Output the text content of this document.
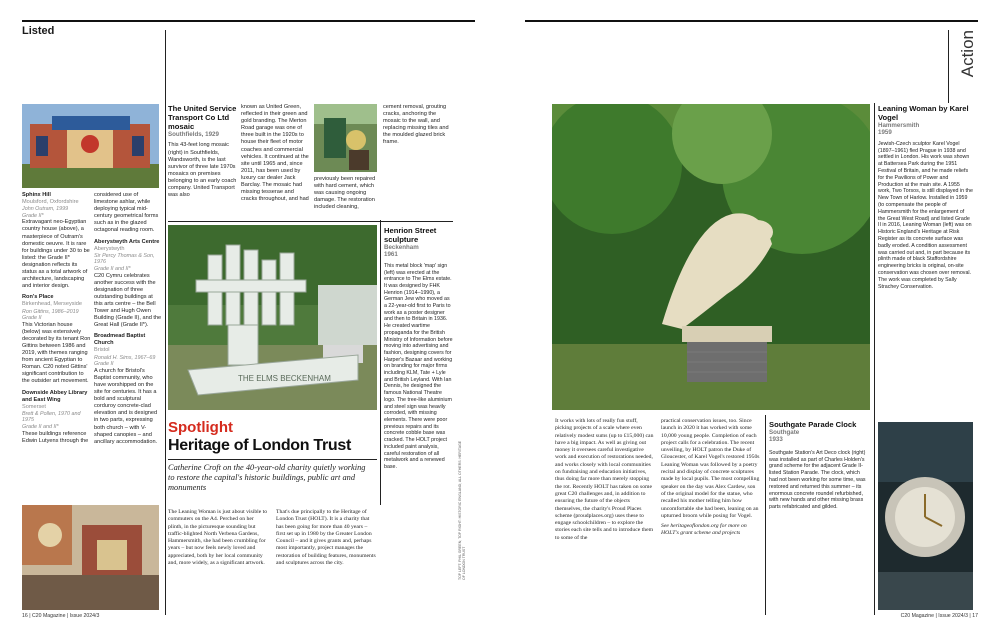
Listed	Action
Sphinx Hill
Moulsford, Oxfordshire
John Outram, 1999
Grade II*
Extravagant neo-Egyptian country house (above), a masterpiece of Outram's domestic oeuvre. It is rare for buildings under 30 to be listed: the Grade II* designation reflects its status as a total artwork of architecture, landscaping and interior design.
Ron's Place
Birkenhead, Merseyside
Ron Gittins, 1986–2019
Grade II
This Victorian house (below) was extensively decorated by its tenant Ron Gittins between 1986 and 2019, with themes ranging from ancient Egyptian to Roman. C20 noted Gittins' significant contribution to the outsider art movement.
Downside Abbey Library and East Wing
Somerset
Brett & Pollen, 1970 and 1975
Grade II and II*
These buildings reference Edwin Lutyens through the
considered use of limestone ashlar, while deploying typical mid-century geometrical forms such as in the glazed octagonal reading room.
Aberystwyth Arts Centre
Aberystwyth
Sir Percy Thomas & Son, 1976
Grade II and II*
C20 Cymru celebrates another success with the designation of three outstanding buildings at this arts centre – the Bell Tower and Hugh Owen Building (Grade II), and the Great Hall (Grade II*).
Broadmead Baptist Church
Bristol
Ronald H. Sims, 1967–69
Grade II
A church for Bristol's Baptist community, who have worshipped on the site for centuries. It has a bold and sculptural corduroy concrete-clad elevation and is designed in two parts, expressing both church – with V-shaped canopies – and ancillary accommodation.
The United Service Transport Co Ltd mosaic
Southfields, 1929
This 43-feet long mosaic (right) in Southfields, Wandsworth, is the last survivor of three late 1970s mosaics on premises belonging to an early coach company. United Transport was also
known as United Green, reflected in their green and gold branding. The Merton Road garage was one of three built in the 1920s to house their fleet of motor coaches and commercial vehicles. It continued at the site until 1965 and, since 2011, has been used by luxury car dealer Jack Barclay. The mosaic had missing tesserae and cracks throughout, and had
previously been repaired with hard cement, which was causing ongoing damage. The restoration included cleaning,
cement removal, grouting cracks, anchoring the mosaic to the wall, and replacing missing tiles and the moulded glazed brick frame.
THE ELMS BECKENHAM
Henrion Street sculpture
Beckenham
1961
This metal block 'map' sign (left) was erected at the entrance to The Elms estate. It was designed by FHK Henrion (1914–1990), a German Jew who moved as a 22-year-old first to Paris to work as a poster designer and then to Britain in 1936. He created wartime propaganda for the British Ministry of Information before moving into advertising and fashion, designing covers for Harper's Bazaar and working on branding for major firms including KLM, Tate + Lyle and British Leyland. With Ian Dennis, he designed the famous National Theatre logo. The tree-like aluminium and steel sign was heavily corroded, with missing elements. There were poor previous repairs and its concrete cobble base was cracked. The HOLT project included paint analysis, careful restoration of all metalwork and a renewed base.	TOP LEFT: PHIL GREEN; TOP RIGHT: HISTORIC ENGLAND; ALL OTHERS: HERITAGE OF LONDON TRUST
Spotlight
Heritage of London Trust
Catherine Croft on the 40-year-old charity quietly working to restore the capital's historic buildings, public art and monuments
The Leaning Woman is just about visible to commuters on the A4. Perched on her plinth, in the picturesque sounding but traffic-blighted North Verbena Gardens, Hammersmith, she had been crumbling for years – but now feels newly loved and appreciated, both by her local community and, more widely, as a significant artwork.
That's due principally to the Heritage of London Trust (HOLT). It is a charity that has been going for more than 40 years – first set up in 1980 by the Greater London Council – and it gives grants and, perhaps most importantly, project manages the restoration of building features, monuments and sculptures across the city.
It works with lots of really fun stuff, picking projects of a scale where even relatively modest sums (up to £15,000) can have a big impact. As well as giving out money it oversees careful investigative work and execution of restorations needed, and works closely with local communities on fundraising and education initiatives, thus doing far more than merely stopping the rot. Recently HOLT has taken on some great C20 challenges and, in addition to ensuring the future of the objects themselves, the charity's Proud Places scheme (proudplaces.org) uses these to engage schoolchildren – to explore the stories each site tells and to introduce them to some of the
practical conservation issues, too. Since launch in 2020 it has worked with some 10,000 young people. Completion of each project calls for a celebration. The recent unveiling, by HOLT patron the Duke of Gloucester, of Karel Vogel's restored 1950s Leaning Woman was followed by a poetry recital and display of concrete sculptures made by local pupils. The most compelling speaker on the day was Alex Cardew, son of the original model for the statue, who recalled his mother telling him how uncomfortable she had been, leaning on an upturned broom while posing for Vogel.
See heritageoflondon.org for more on HOLT's grant scheme and projects
Southgate Parade Clock
Southgate
1933
Southgate Station's Art Deco clock (right) was installed as part of Charles Holden's grand scheme for the adjacent Grade II-listed Station Parade. The clock, which had not been working for some time, was restored and returned this summer – its enormous concrete roundel refurbished, with new hands and other missing brass parts refabricated and gilded.
Leaning Woman by Karel Vogel
Hammersmith
1959
Jewish-Czech sculptor Karel Vogel (1897–1961) fled Prague in 1938 and settled in London. His work was shown at Battersea Park during the 1951 Festival of Britain, and he made reliefs for the Pavilions of Power and Production at the main site. A 1955 work, Two Torsos, is still displayed in the New Town of Harlow. Installed in 1959 (to compensate the people of Hammersmith for the enlargement of the Great West Road) and listed Grade II in 2016, Leaning Woman (left) was on Historic England's Heritage at Risk Register as its concrete surface was badly eroded. A condition assessment was carried out and, in part because its plinth made of black Staffordshire engineering bricks is original, on-site conservation was chosen over removal. The work was completed by Sally Strachey Conservation.
16 | C20 Magazine | Issue 2024/3	C20 Magazine | Issue 2024/3 | 17
